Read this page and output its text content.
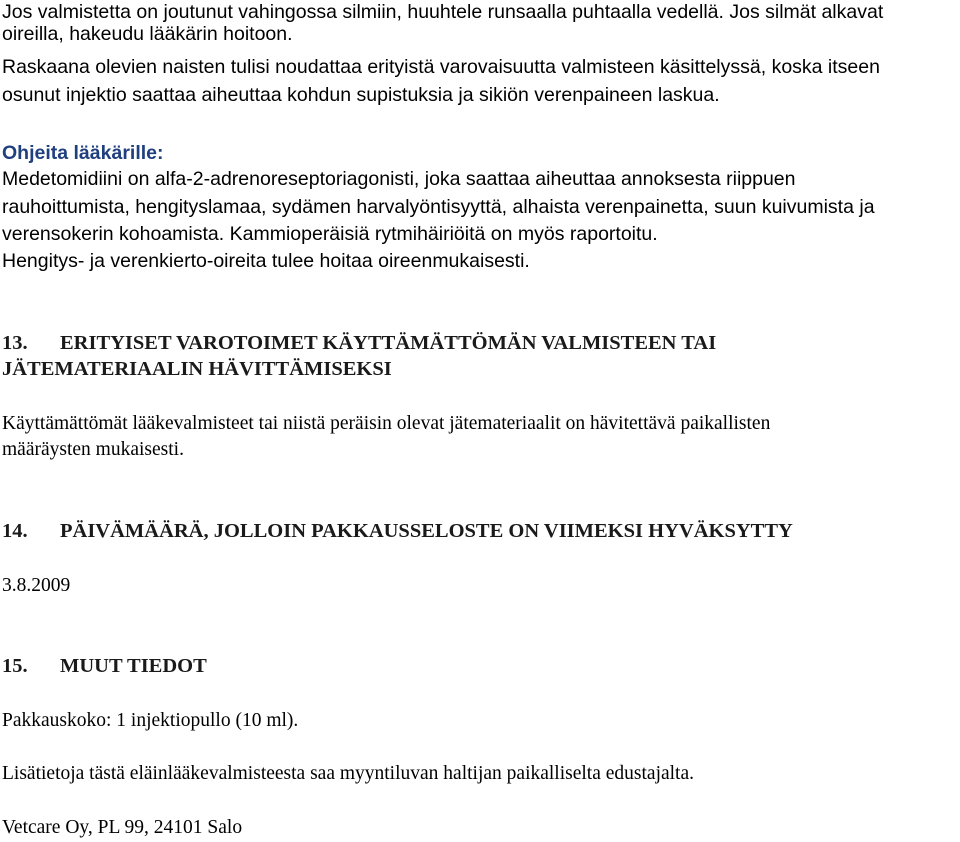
Jos valmistetta on joutunut vahingossa silmiin, huuhtele runsaalla puhtaalla vedellä. Jos silmät alkavat
oireilla, hakeudu lääkärin hoitoon.
Raskaana olevien naisten tulisi noudattaa erityistä varovaisuutta valmisteen käsittelyssä, koska itseen
osunut injektio saattaa aiheuttaa kohdun supistuksia ja sikiön verenpaineen laskua.
Ohjeita lääkärille:
Medetomidiini on alfa-2-adrenoreseptoriagonisti, joka saattaa aiheuttaa annoksesta riippuen
rauhoittumista, hengityslamaa, sydämen harvalyöntisyyttä, alhaista verenpainetta, suun kuivumista ja
verensokerin kohoamista. Kammioperäisiä rytmihäiriöitä on myös raportoitu.
Hengitys- ja verenkierto-oireita tulee hoitaa oireenmukaisesti.
13. ERITYISET VAROTOIMET KÄYTTÄMÄTTÖMÄN VALMISTEEN TAI
JÄTEMATERIAALIN HÄVITTÄMISEKSI
Käyttämättömät lääkevalmisteet tai niistä peräisin olevat jätemateriaalit on hävitettävä paikallisten
määräysten mukaisesti.
14. PÄIVÄMÄÄRÄ, JOLLOIN PAKKAUSSELOSTE ON VIIMEKSI HYVÄKSYTTY
3.8.2009
15. MUUT TIEDOT
Pakkauskoko: 1 injektiopullo (10 ml).
Lisätietoja tästä eläinlääkevalmisteesta saa myyntiluvan haltijan paikalliselta edustajalta.
Vetcare Oy, PL 99, 24101 Salo
